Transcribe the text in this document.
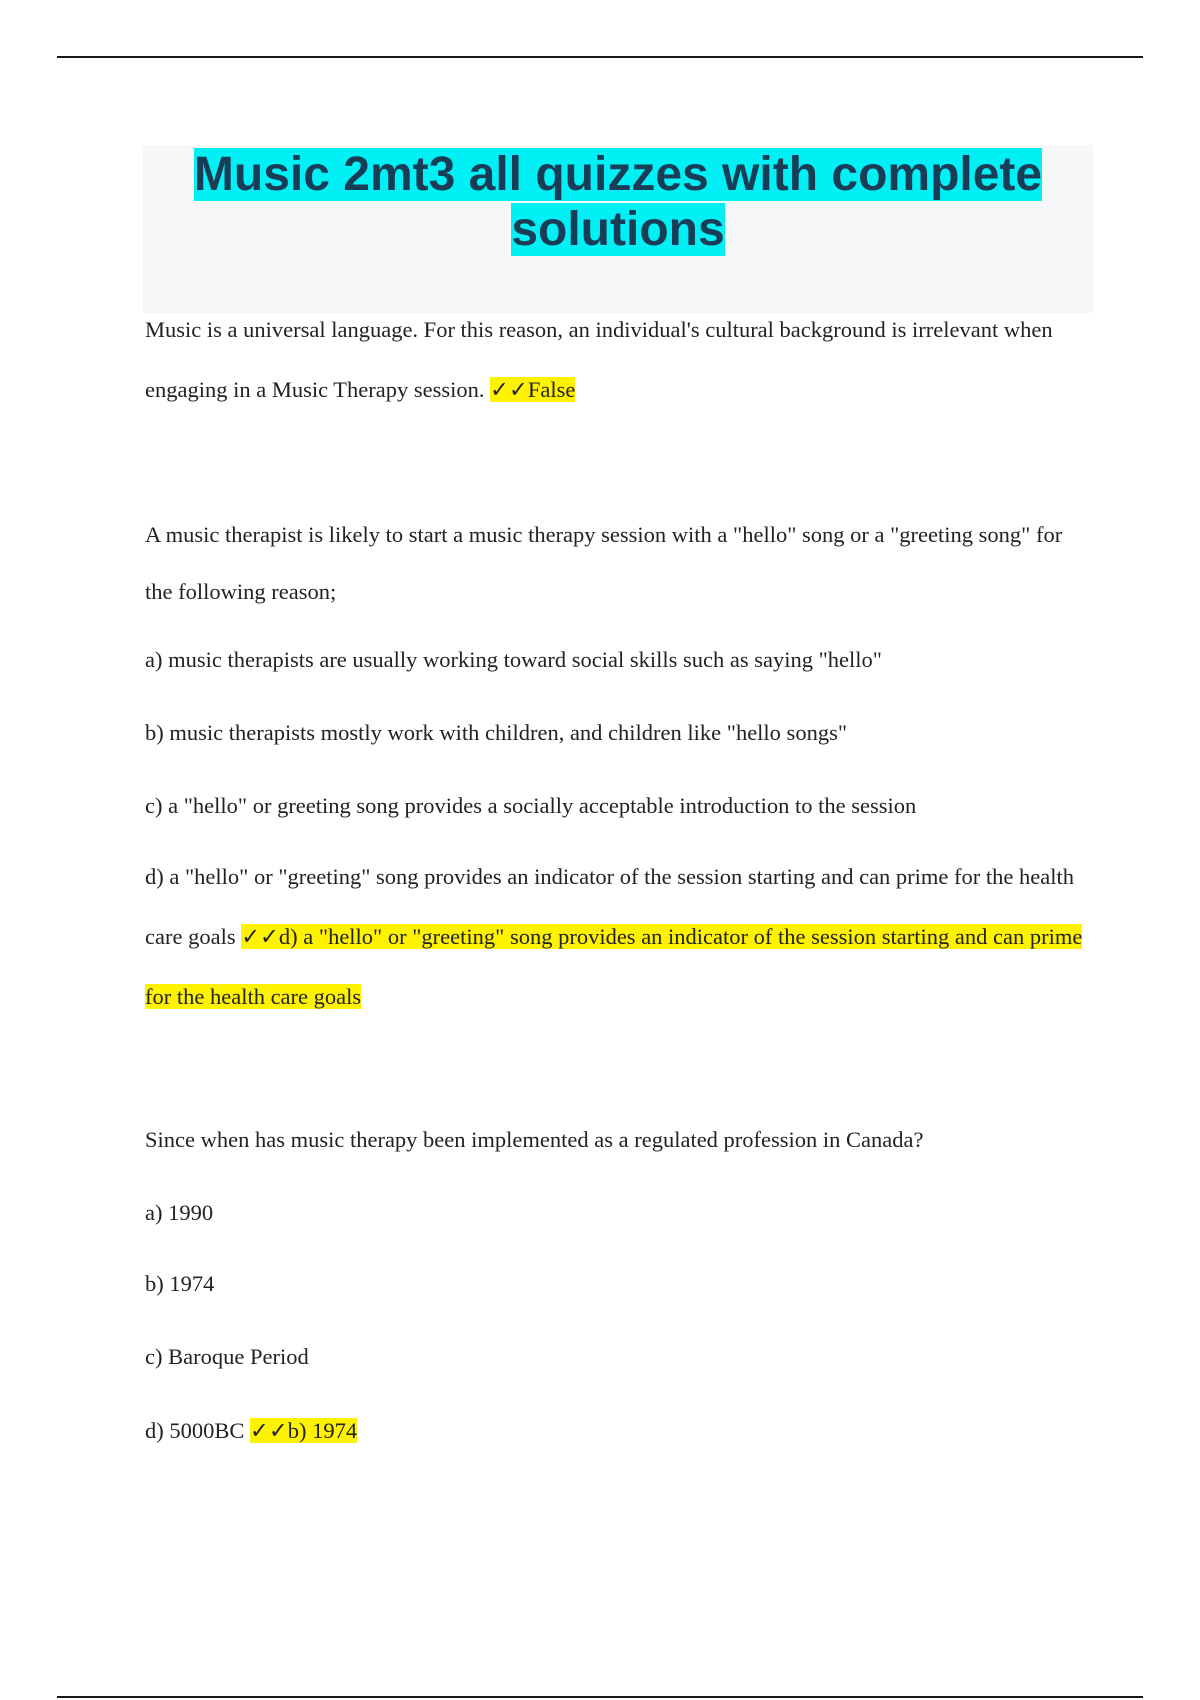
Music 2mt3 all quizzes with complete solutions

Music is a universal language. For this reason, an individual's cultural background is irrelevant when engaging in a Music Therapy session. ✓✓False

A music therapist is likely to start a music therapy session with a "hello" song or a "greeting song" for the following reason;

a) music therapists are usually working toward social skills such as saying "hello"

b) music therapists mostly work with children, and children like "hello songs"

c) a "hello" or greeting song provides a socially acceptable introduction to the session

d) a "hello" or "greeting" song provides an indicator of the session starting and can prime for the health care goals ✓✓d) a "hello" or "greeting" song provides an indicator of the session starting and can prime for the health care goals

Since when has music therapy been implemented as a regulated profession in Canada?

a) 1990

b) 1974

c) Baroque Period

d) 5000BC ✓✓b) 1974
